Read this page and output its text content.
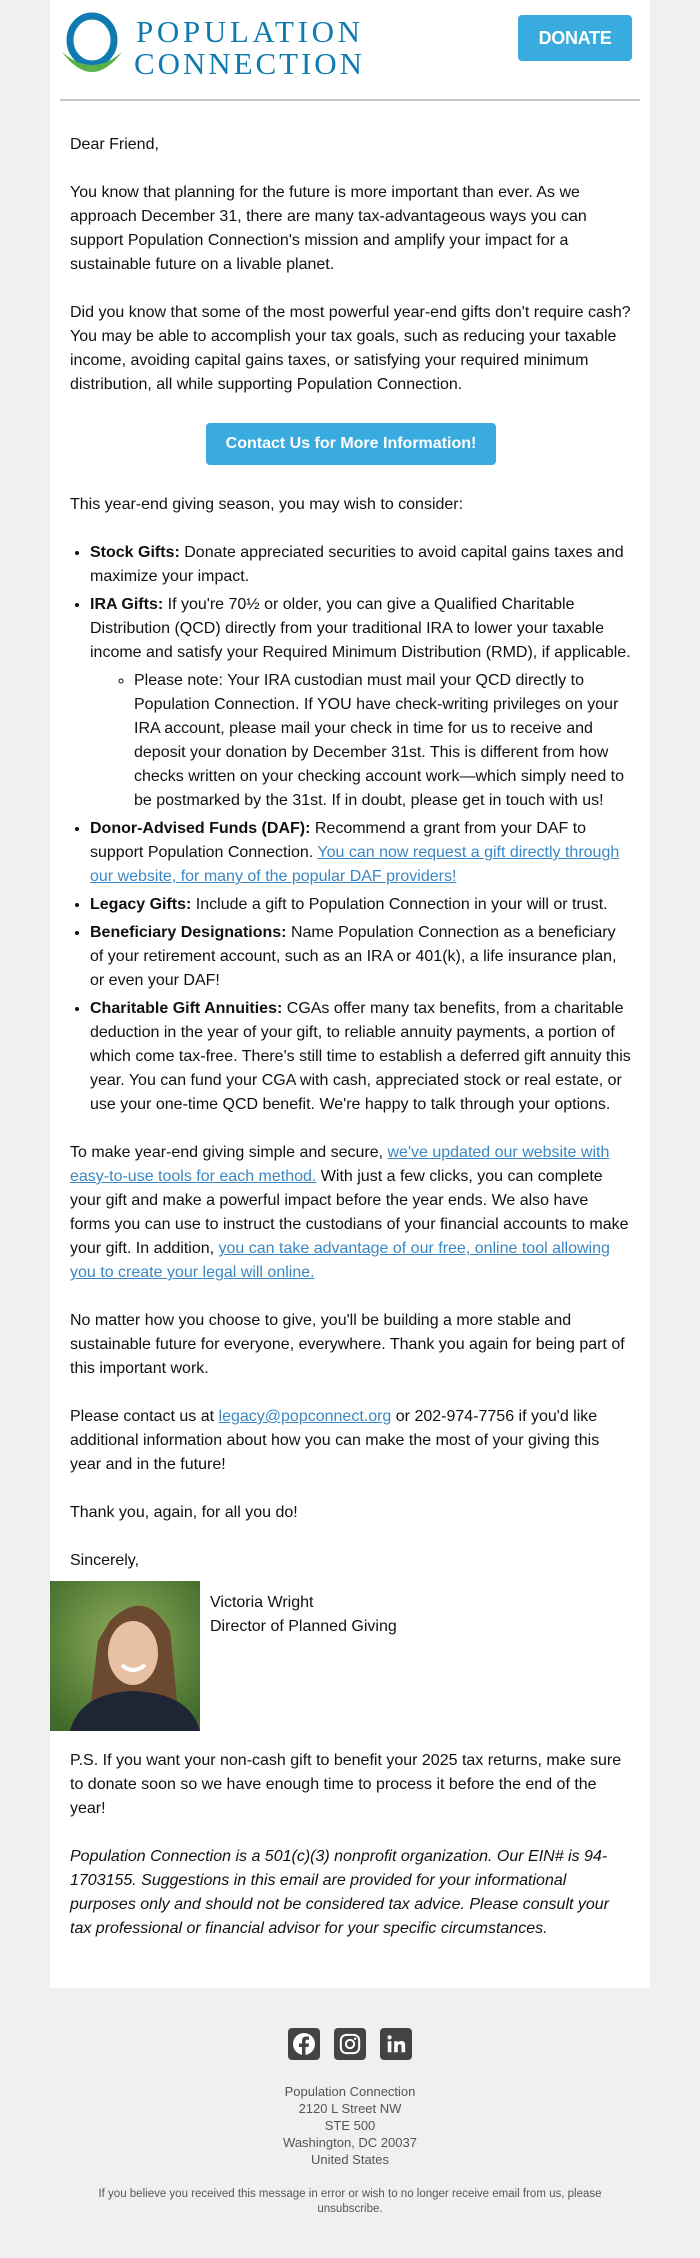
POPULATION
CONNECTION
DONATE

Dear Friend,

You know that planning for the future is more important than ever. As we approach December 31, there are many tax-advantageous ways you can support Population Connection's mission and amplify your impact for a sustainable future on a livable planet.

Did you know that some of the most powerful year-end gifts don't require cash? You may be able to accomplish your tax goals, such as reducing your taxable income, avoiding capital gains taxes, or satisfying your required minimum distribution, all while supporting Population Connection.

Contact Us for More Information!

This year-end giving season, you may wish to consider:

• Stock Gifts: Donate appreciated securities to avoid capital gains taxes and maximize your impact.
• IRA Gifts: If you're 70½ or older, you can give a Qualified Charitable Distribution (QCD) directly from your traditional IRA to lower your taxable income and satisfy your Required Minimum Distribution (RMD), if applicable.
◦ Please note: Your IRA custodian must mail your QCD directly to Population Connection. If YOU have check-writing privileges on your IRA account, please mail your check in time for us to receive and deposit your donation by December 31st. This is different from how checks written on your checking account work—which simply need to be postmarked by the 31st. If in doubt, please get in touch with us!
• Donor-Advised Funds (DAF): Recommend a grant from your DAF to support Population Connection. You can now request a gift directly through our website, for many of the popular DAF providers!
• Legacy Gifts: Include a gift to Population Connection in your will or trust.
• Beneficiary Designations: Name Population Connection as a beneficiary of your retirement account, such as an IRA or 401(k), a life insurance plan, or even your DAF!
• Charitable Gift Annuities: CGAs offer many tax benefits, from a charitable deduction in the year of your gift, to reliable annuity payments, a portion of which come tax-free. There's still time to establish a deferred gift annuity this year. You can fund your CGA with cash, appreciated stock or real estate, or use your one-time QCD benefit. We're happy to talk through your options.

To make year-end giving simple and secure, we've updated our website with easy-to-use tools for each method. With just a few clicks, you can complete your gift and make a powerful impact before the year ends. We also have forms you can use to instruct the custodians of your financial accounts to make your gift. In addition, you can take advantage of our free, online tool allowing you to create your legal will online.

No matter how you choose to give, you'll be building a more stable and sustainable future for everyone, everywhere. Thank you again for being part of this important work.

Please contact us at legacy@popconnect.org or 202-974-7756 if you'd like additional information about how you can make the most of your giving this year and in the future!

Thank you, again, for all you do!

Sincerely,

Victoria Wright
Director of Planned Giving

P.S. If you want your non-cash gift to benefit your 2025 tax returns, make sure to donate soon so we have enough time to process it before the end of the year!

Population Connection is a 501(c)(3) nonprofit organization. Our EIN# is 94-1703155. Suggestions in this email are provided for your informational purposes only and should not be considered tax advice. Please consult your tax professional or financial advisor for your specific circumstances.

Population Connection
2120 L Street NW
STE 500
Washington, DC 20037
United States
If you believe you received this message in error or wish to no longer receive email from us, please unsubscribe.
